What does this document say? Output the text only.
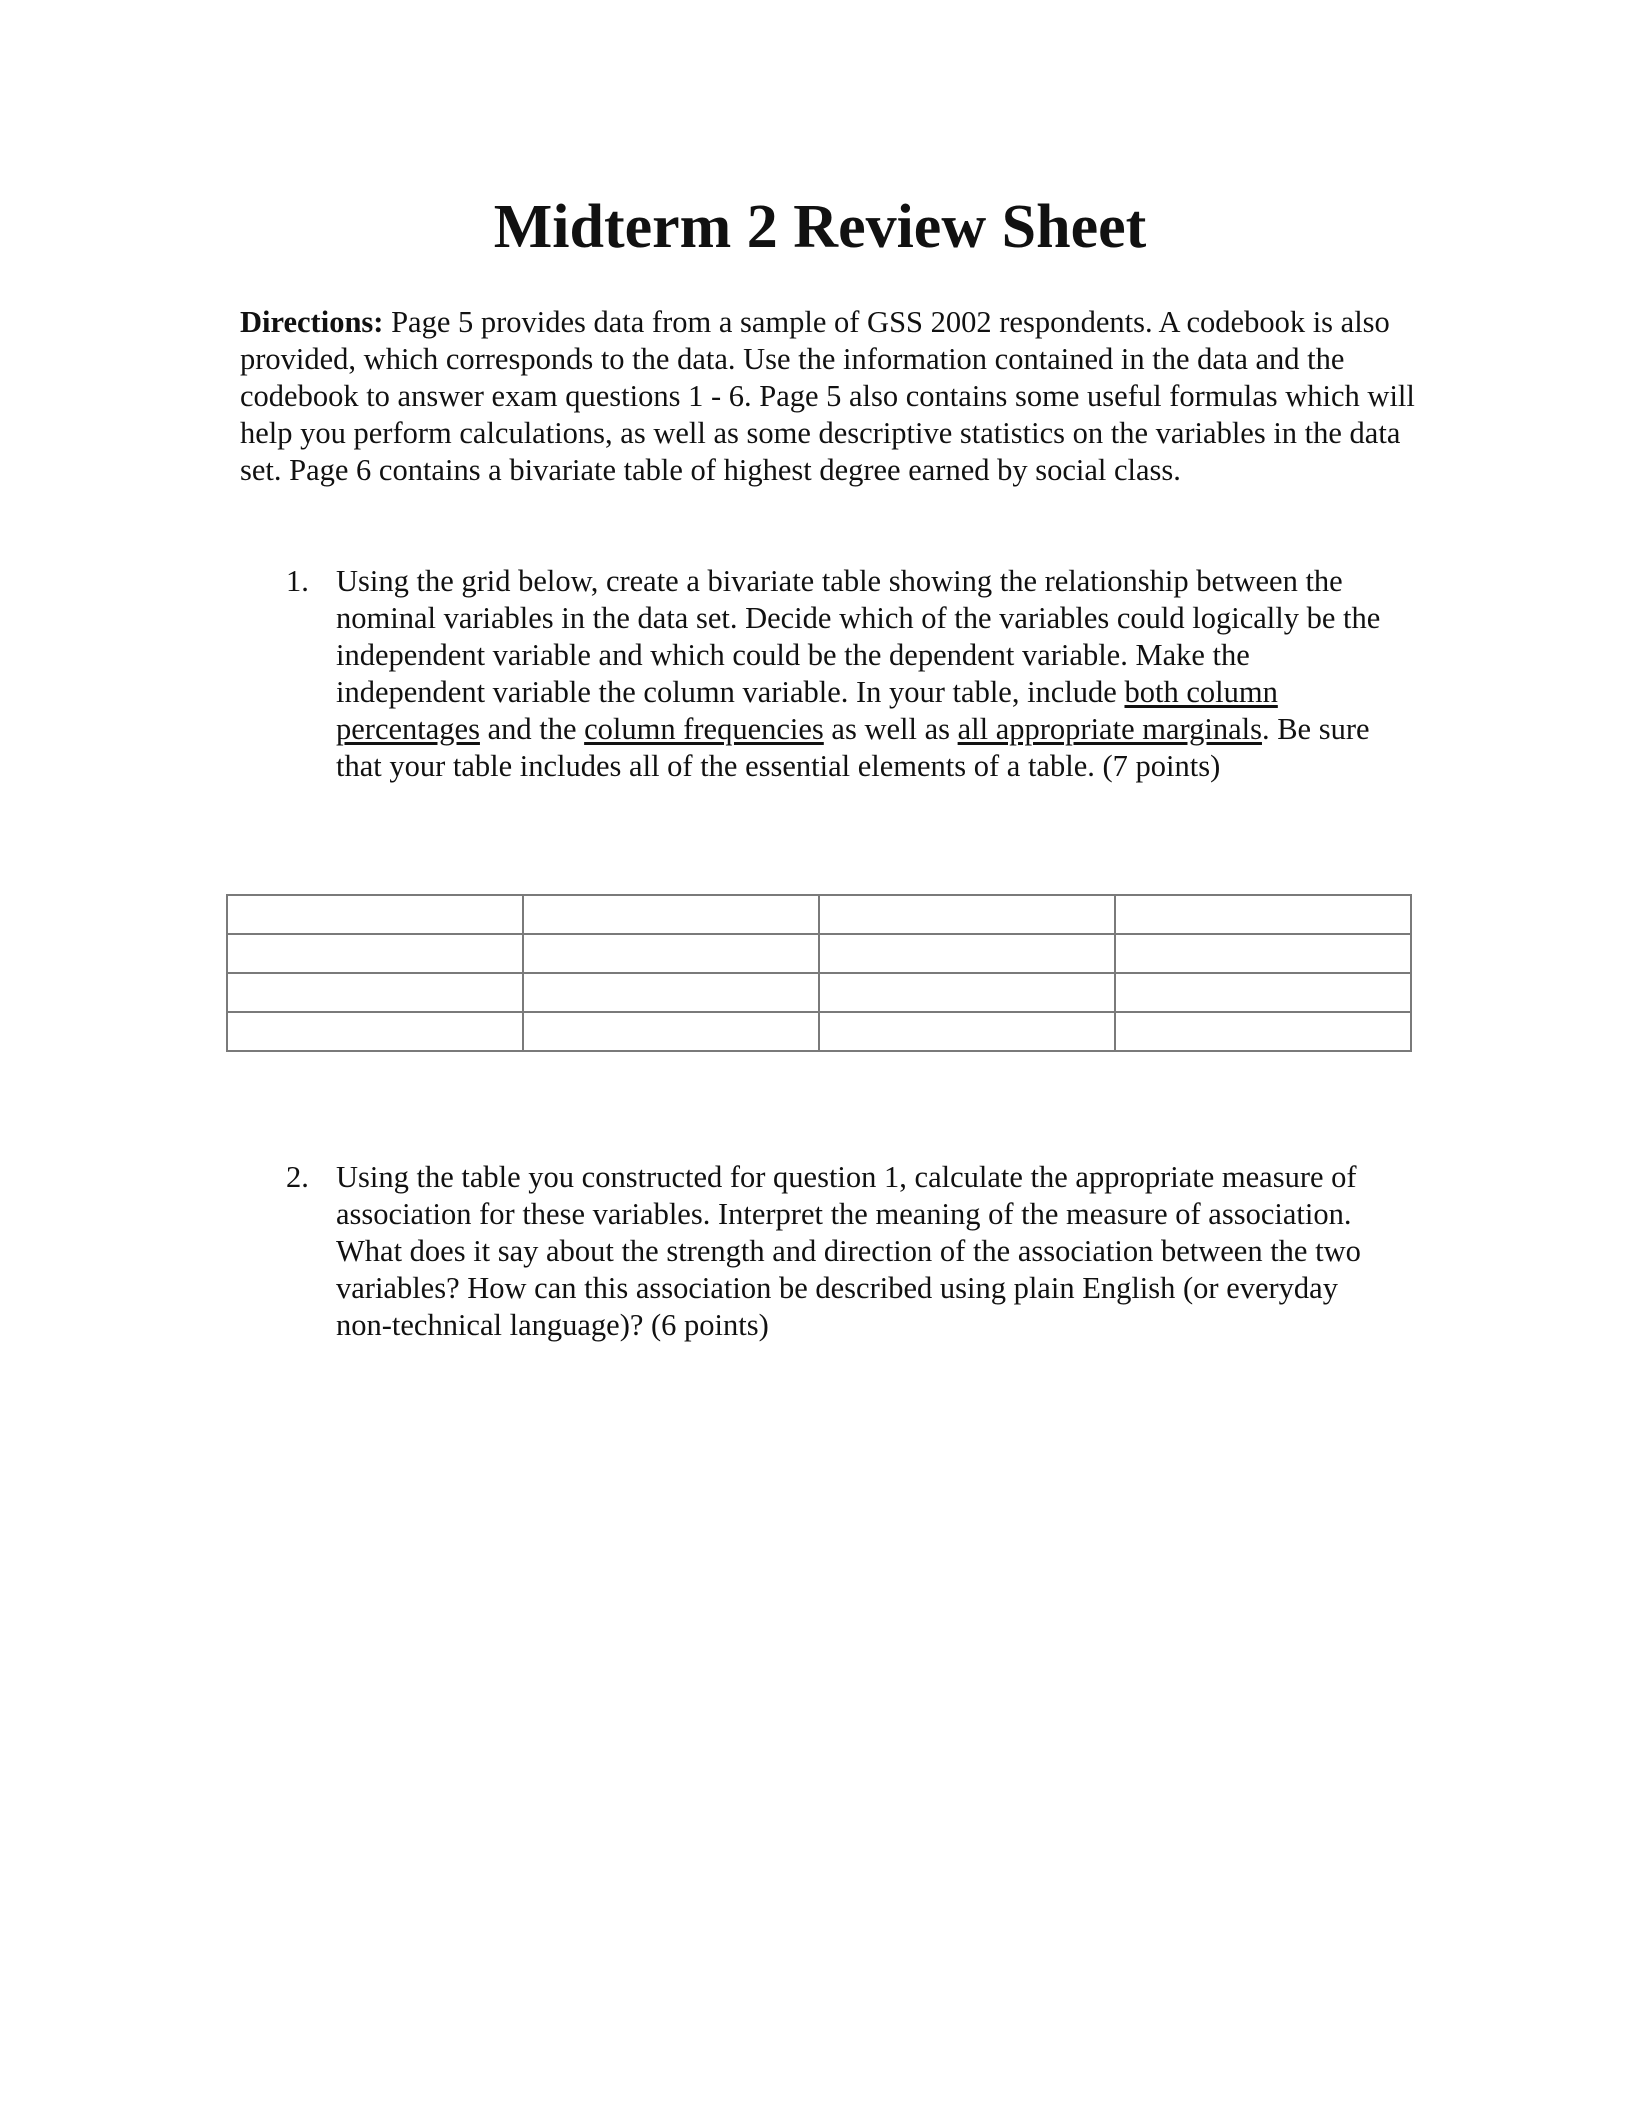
Midterm 2 Review Sheet

Directions: Page 5 provides data from a sample of GSS 2002 respondents. A codebook is also provided, which corresponds to the data. Use the information contained in the data and the codebook to answer exam questions 1 - 6. Page 5 also contains some useful formulas which will help you perform calculations, as well as some descriptive statistics on the variables in the data set. Page 6 contains a bivariate table of highest degree earned by social class.

1. Using the grid below, create a bivariate table showing the relationship between the nominal variables in the data set. Decide which of the variables could logically be the independent variable and which could be the dependent variable. Make the independent variable the column variable. In your table, include both column percentages and the column frequencies as well as all appropriate marginals. Be sure that your table includes all of the essential elements of a table. (7 points)

2. Using the table you constructed for question 1, calculate the appropriate measure of association for these variables. Interpret the meaning of the measure of association. What does it say about the strength and direction of the association between the two variables? How can this association be described using plain English (or everyday non-technical language)? (6 points)
